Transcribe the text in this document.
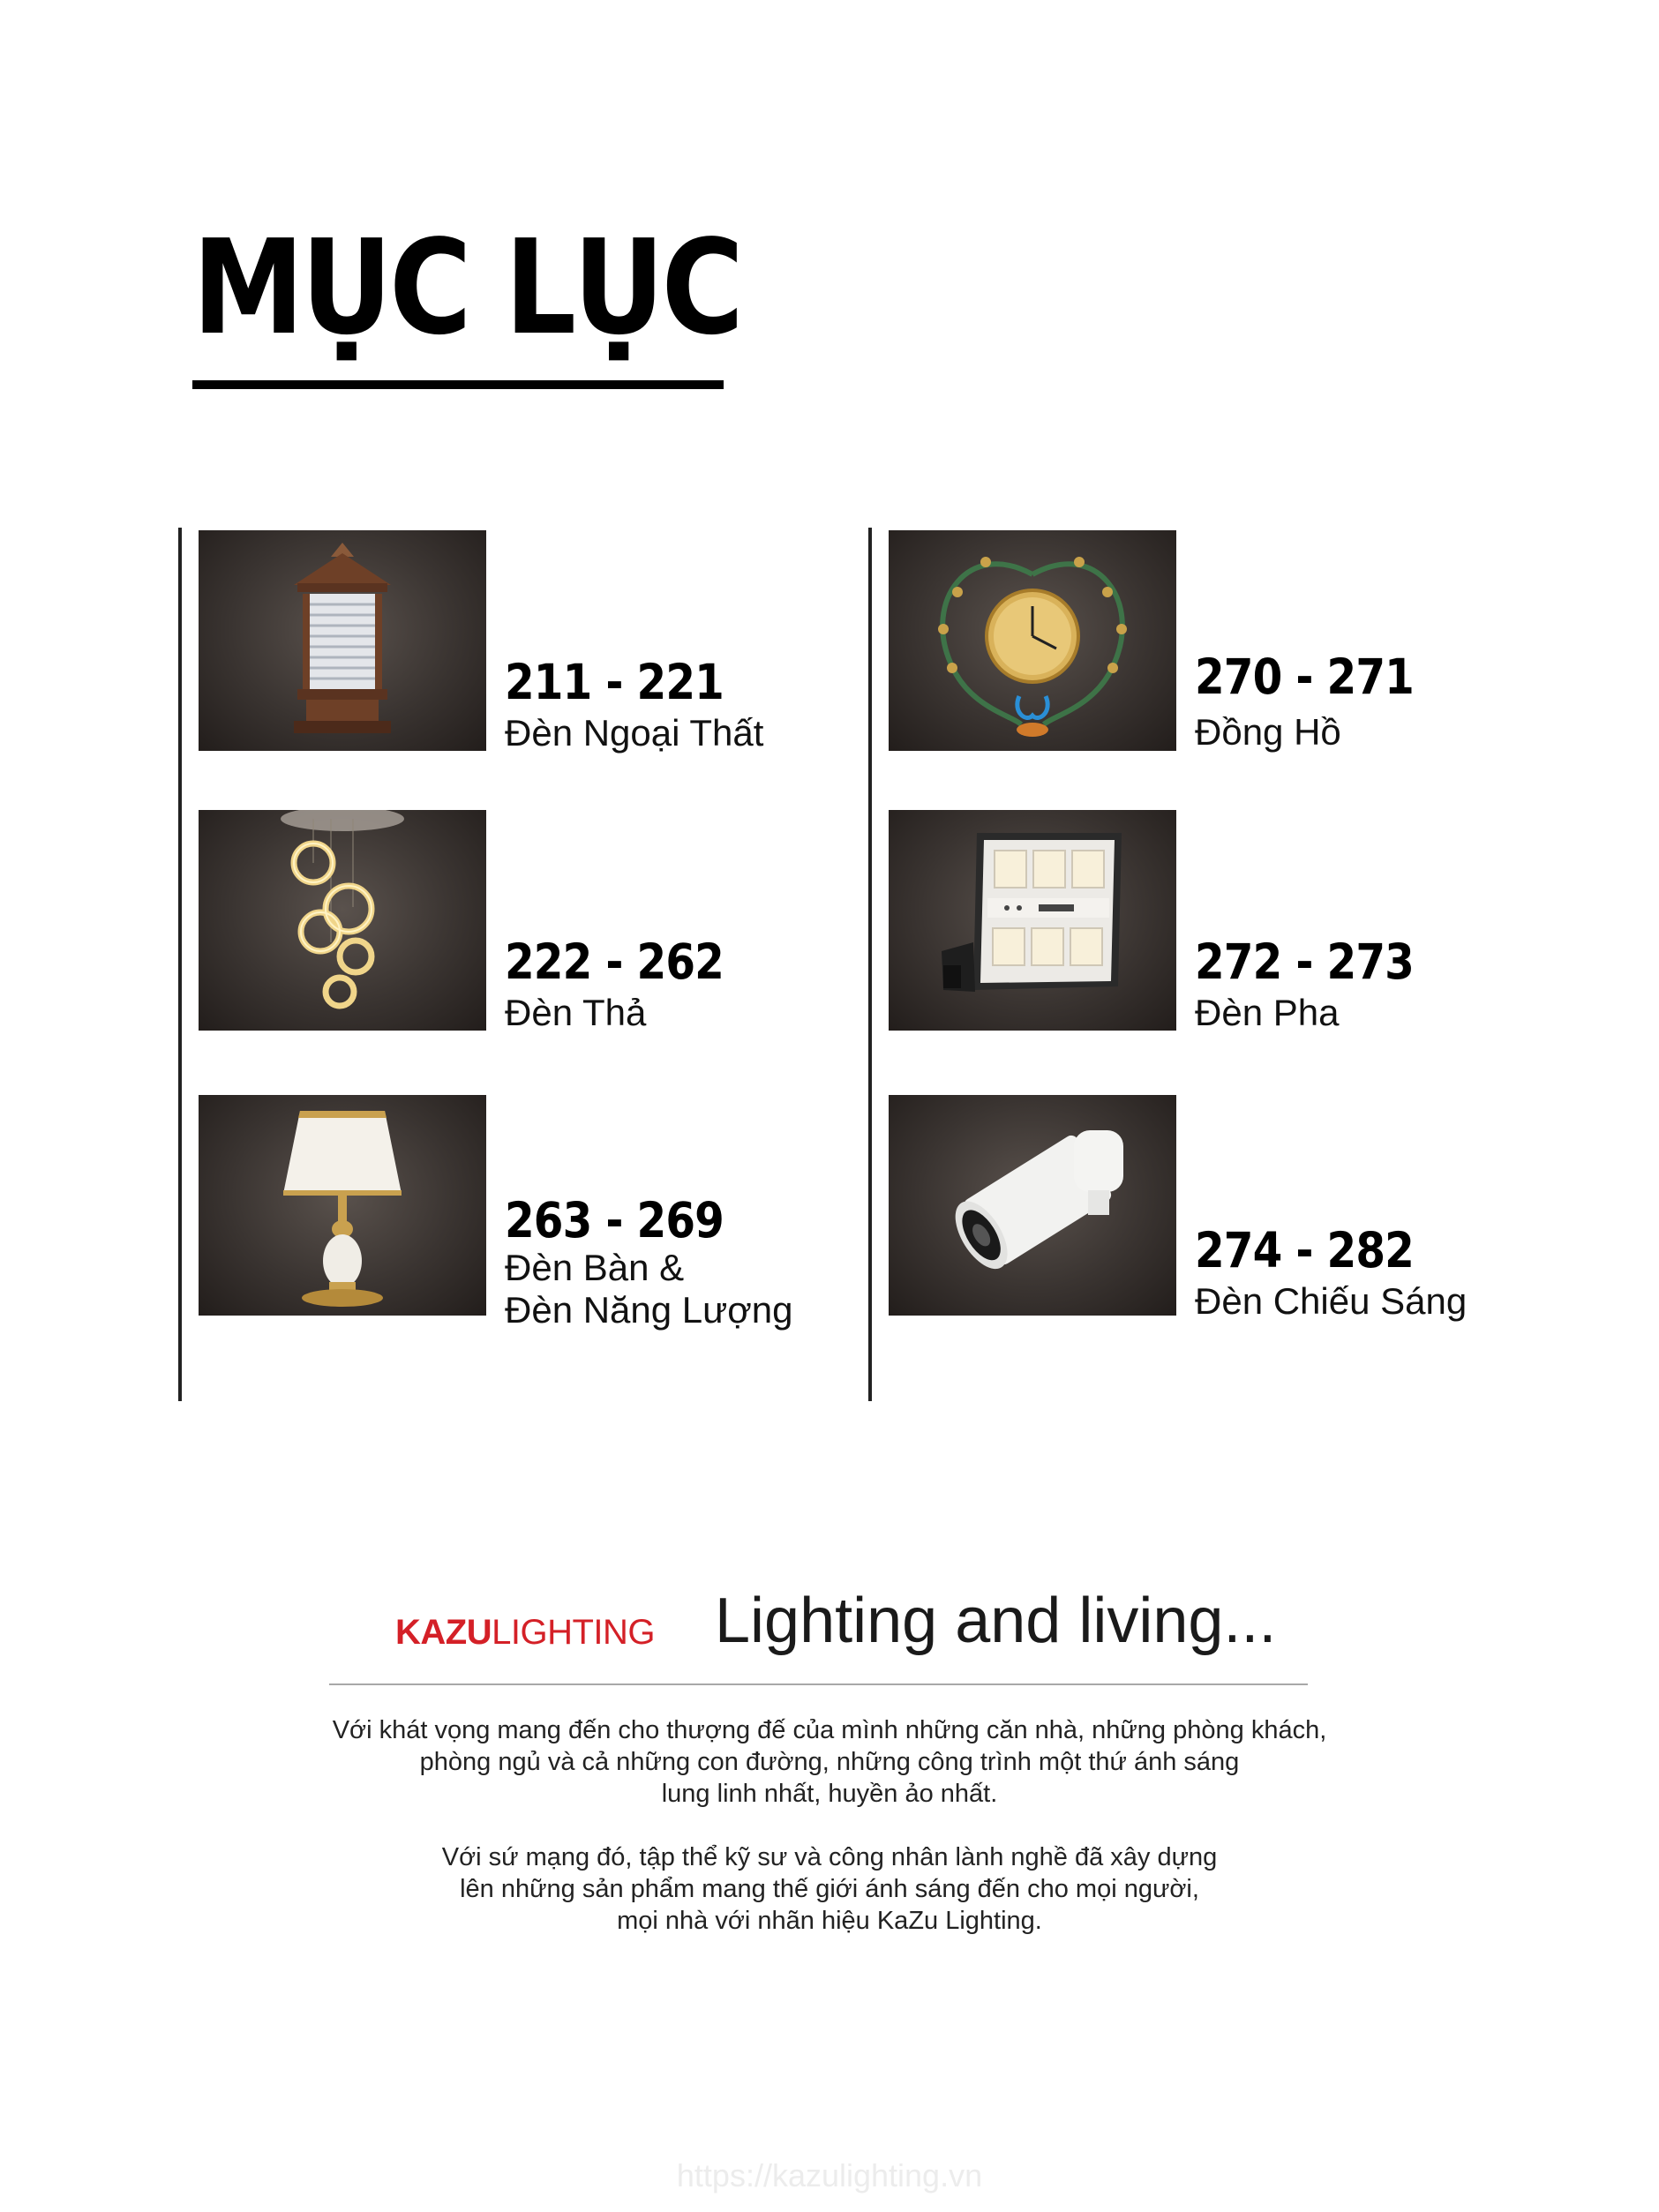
MỤC LỤC
211 - 221
Đèn Ngoại Thất
222 - 262
Đèn Thả
263 - 269
Đèn Bàn &
Đèn Năng Lượng
270 - 271
Đồng Hồ
272 - 273
Đèn Pha
274 - 282
Đèn Chiếu Sáng
KAZULIGHTING Lighting and living...
Với khát vọng mang đến cho thượng đế của mình những căn nhà, những phòng khách,
phòng ngủ và cả những con đường, những công trình một thứ ánh sáng
lung linh nhất, huyền ảo nhất.
Với sứ mạng đó, tập thể kỹ sư và công nhân lành nghề đã xây dựng
lên những sản phẩm mang thế giới ánh sáng đến cho mọi người,
mọi nhà với nhãn hiệu KaZu Lighting.
https://kazulighting.vn
